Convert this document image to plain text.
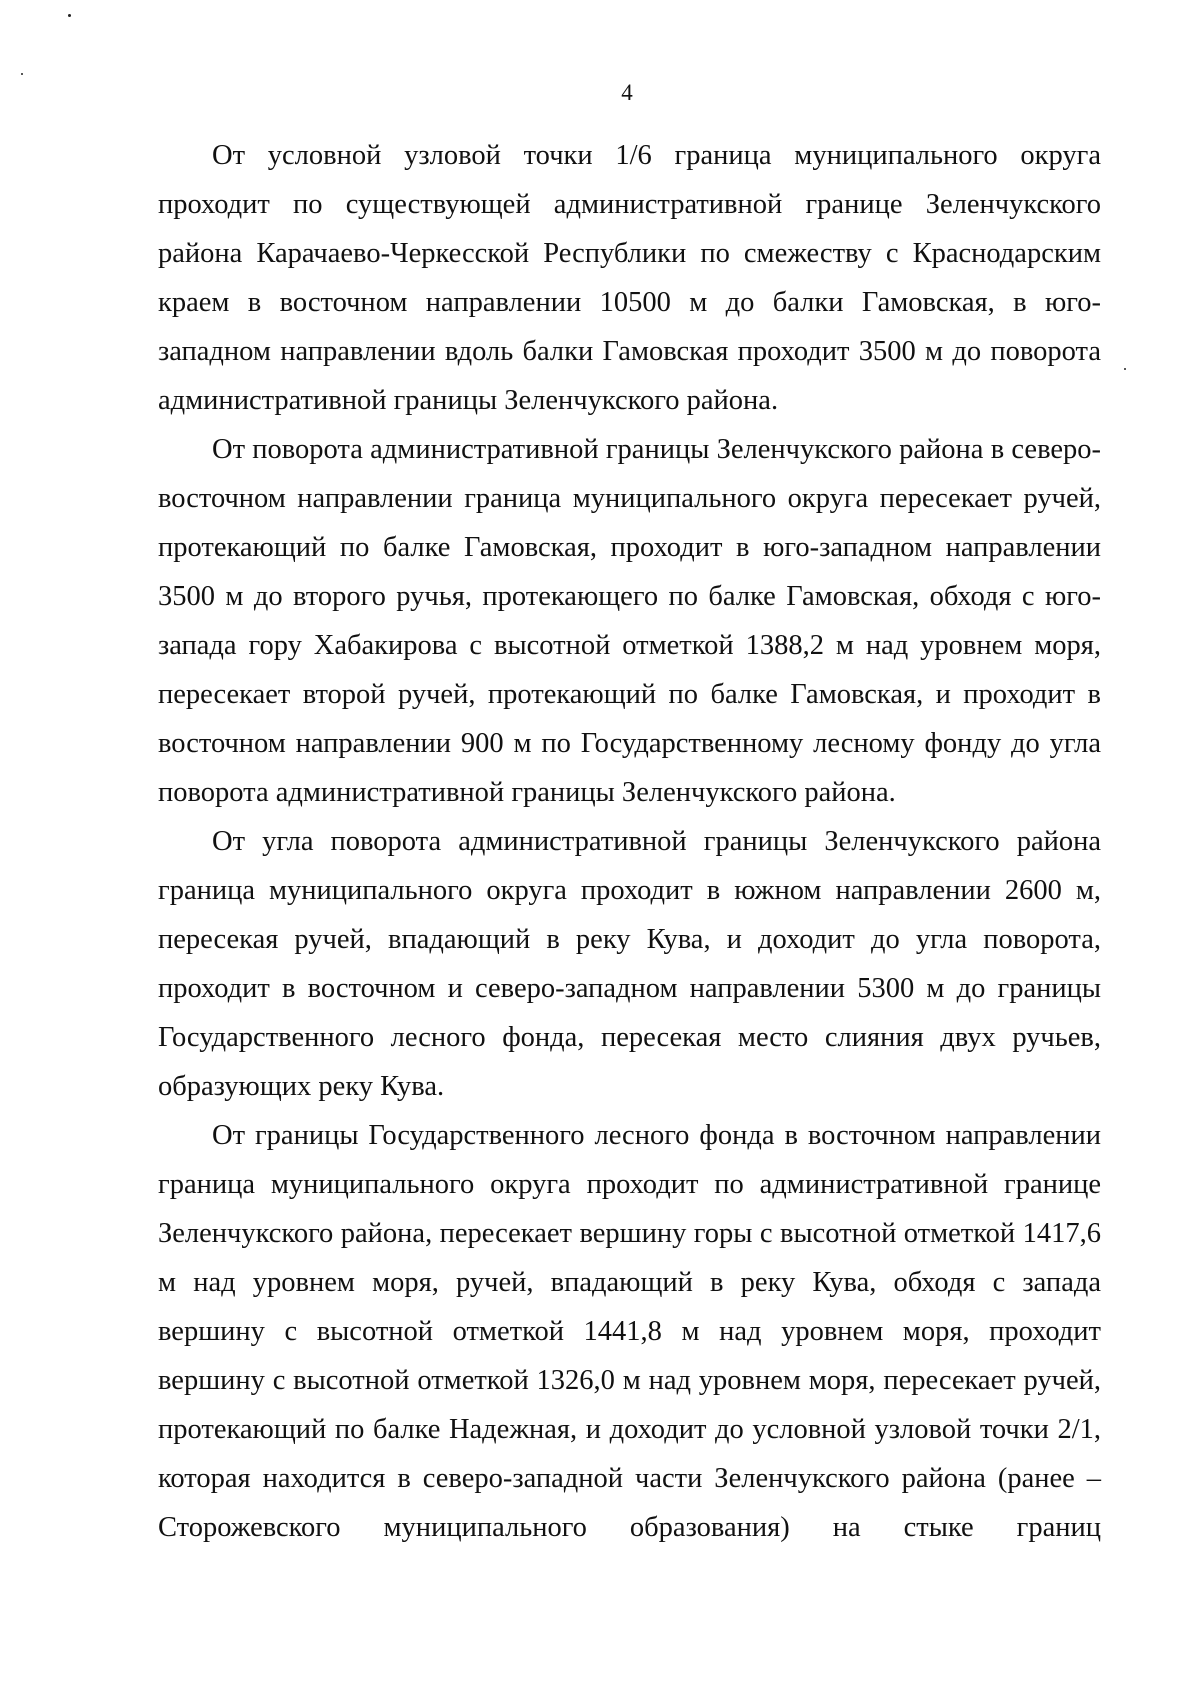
4

От условной узловой точки 1/6 граница муниципального округа проходит по существующей административной границе Зеленчукского района Карачаево-Черкесской Республики по смежеству с Краснодарским краем в восточном направлении 10500 м до балки Гамовская, в юго-западном направлении вдоль балки Гамовская проходит 3500 м до поворота административной границы Зеленчукского района.

От поворота административной границы Зеленчукского района в северо-восточном направлении граница муниципального округа пересекает ручей, протекающий по балке Гамовская, проходит в юго-западном направлении 3500 м до второго ручья, протекающего по балке Гамовская, обходя с юго-запада гору Хабакирова с высотной отметкой 1388,2 м над уровнем моря, пересекает второй ручей, протекающий по балке Гамовская, и проходит в восточном направлении 900 м по Государственному лесному фонду до угла поворота административной границы Зеленчукского района.

От угла поворота административной границы Зеленчукского района граница муниципального округа проходит в южном направлении 2600 м, пересекая ручей, впадающий в реку Кува, и доходит до угла поворота, проходит в восточном и северо-западном направлении 5300 м до границы Государственного лесного фонда, пересекая место слияния двух ручьев, образующих реку Кува.

От границы Государственного лесного фонда в восточном направлении граница муниципального округа проходит по административной границе Зеленчукского района, пересекает вершину горы с высотной отметкой 1417,6 м над уровнем моря, ручей, впадающий в реку Кува, обходя с запада вершину с высотной отметкой 1441,8 м над уровнем моря, проходит вершину с высотной отметкой 1326,0 м над уровнем моря, пересекает ручей, протекающий по балке Надежная, и доходит до условной узловой точки 2/1, которая находится в северо-западной части Зеленчукского района (ранее – Сторожевского муниципального образования) на стыке границ
